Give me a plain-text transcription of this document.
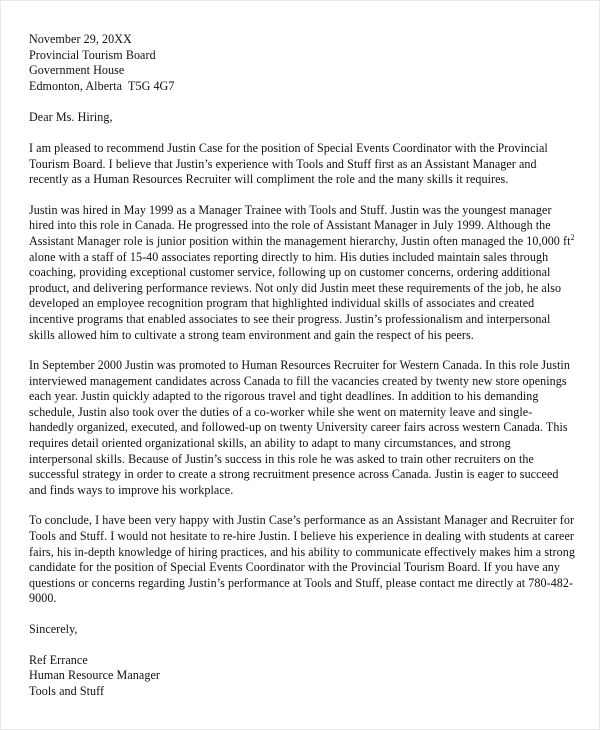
November 29, 20XX
Provincial Tourism Board
Government House
Edmonton, Alberta  T5G 4G7

Dear Ms. Hiring,

I am pleased to recommend Justin Case for the position of Special Events Coordinator with the Provincial Tourism Board. I believe that Justin’s experience with Tools and Stuff first as an Assistant Manager and recently as a Human Resources Recruiter will compliment the role and the many skills it requires.

Justin was hired in May 1999 as a Manager Trainee with Tools and Stuff. Justin was the youngest manager hired into this role in Canada. He progressed into the role of Assistant Manager in July 1999. Although the Assistant Manager role is junior position within the management hierarchy, Justin often managed the 10,000 $ft^2$ alone with a staff of 15-40 associates reporting directly to him. His duties included maintain sales through coaching, providing exceptional customer service, following up on customer concerns, ordering additional product, and delivering performance reviews. Not only did Justin meet these requirements of the job, he also developed an employee recognition program that highlighted individual skills of associates and created incentive programs that enabled associates to see their progress. Justin’s professionalism and interpersonal skills allowed him to cultivate a strong team environment and gain the respect of his peers.

In September 2000 Justin was promoted to Human Resources Recruiter for Western Canada. In this role Justin interviewed management candidates across Canada to fill the vacancies created by twenty new store openings each year. Justin quickly adapted to the rigorous travel and tight deadlines. In addition to his demanding schedule, Justin also took over the duties of a co-worker while she went on maternity leave and single-handedly organized, executed, and followed-up on twenty University career fairs across western Canada. This requires detail oriented organizational skills, an ability to adapt to many circumstances, and strong interpersonal skills. Because of Justin’s success in this role he was asked to train other recruiters on the successful strategy in order to create a strong recruitment presence across Canada. Justin is eager to succeed and finds ways to improve his workplace.

To conclude, I have been very happy with Justin Case’s performance as an Assistant Manager and Recruiter for Tools and Stuff. I would not hesitate to re-hire Justin. I believe his experience in dealing with students at career fairs, his in-depth knowledge of hiring practices, and his ability to communicate effectively makes him a strong candidate for the position of Special Events Coordinator with the Provincial Tourism Board. If you have any questions or concerns regarding Justin’s performance at Tools and Stuff, please contact me directly at 780-482-9000.

Sincerely,

Ref Errance
Human Resource Manager
Tools and Stuff
